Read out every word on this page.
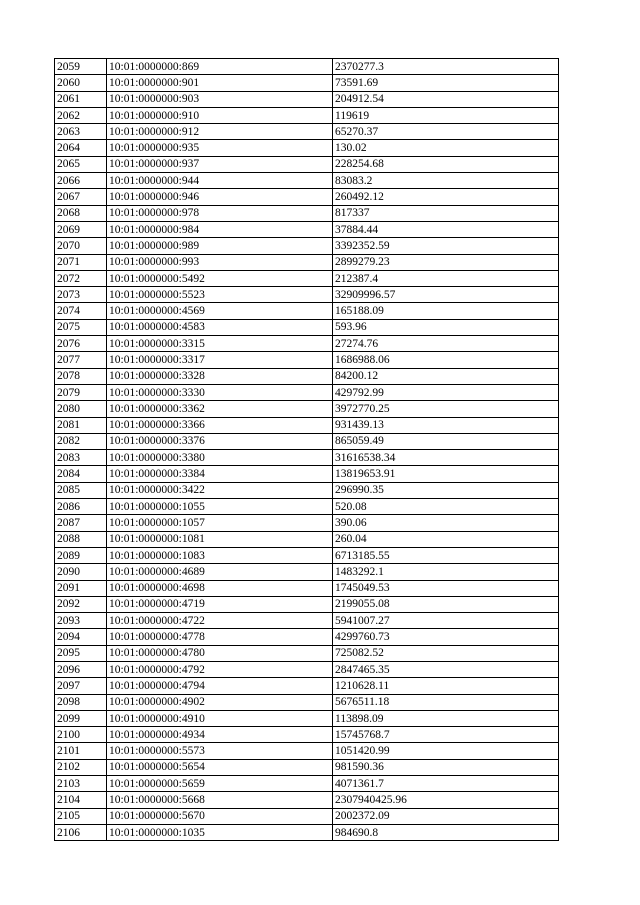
2059	10:01:0000000:869	2370277.3
2060	10:01:0000000:901	73591.69
2061	10:01:0000000:903	204912.54
2062	10:01:0000000:910	119619
2063	10:01:0000000:912	65270.37
2064	10:01:0000000:935	130.02
2065	10:01:0000000:937	228254.68
2066	10:01:0000000:944	83083.2
2067	10:01:0000000:946	260492.12
2068	10:01:0000000:978	817337
2069	10:01:0000000:984	37884.44
2070	10:01:0000000:989	3392352.59
2071	10:01:0000000:993	2899279.23
2072	10:01:0000000:5492	212387.4
2073	10:01:0000000:5523	32909996.57
2074	10:01:0000000:4569	165188.09
2075	10:01:0000000:4583	593.96
2076	10:01:0000000:3315	27274.76
2077	10:01:0000000:3317	1686988.06
2078	10:01:0000000:3328	84200.12
2079	10:01:0000000:3330	429792.99
2080	10:01:0000000:3362	3972770.25
2081	10:01:0000000:3366	931439.13
2082	10:01:0000000:3376	865059.49
2083	10:01:0000000:3380	31616538.34
2084	10:01:0000000:3384	13819653.91
2085	10:01:0000000:3422	296990.35
2086	10:01:0000000:1055	520.08
2087	10:01:0000000:1057	390.06
2088	10:01:0000000:1081	260.04
2089	10:01:0000000:1083	6713185.55
2090	10:01:0000000:4689	1483292.1
2091	10:01:0000000:4698	1745049.53
2092	10:01:0000000:4719	2199055.08
2093	10:01:0000000:4722	5941007.27
2094	10:01:0000000:4778	4299760.73
2095	10:01:0000000:4780	725082.52
2096	10:01:0000000:4792	2847465.35
2097	10:01:0000000:4794	1210628.11
2098	10:01:0000000:4902	5676511.18
2099	10:01:0000000:4910	113898.09
2100	10:01:0000000:4934	15745768.7
2101	10:01:0000000:5573	1051420.99
2102	10:01:0000000:5654	981590.36
2103	10:01:0000000:5659	4071361.7
2104	10:01:0000000:5668	2307940425.96
2105	10:01:0000000:5670	2002372.09
2106	10:01:0000000:1035	984690.8
